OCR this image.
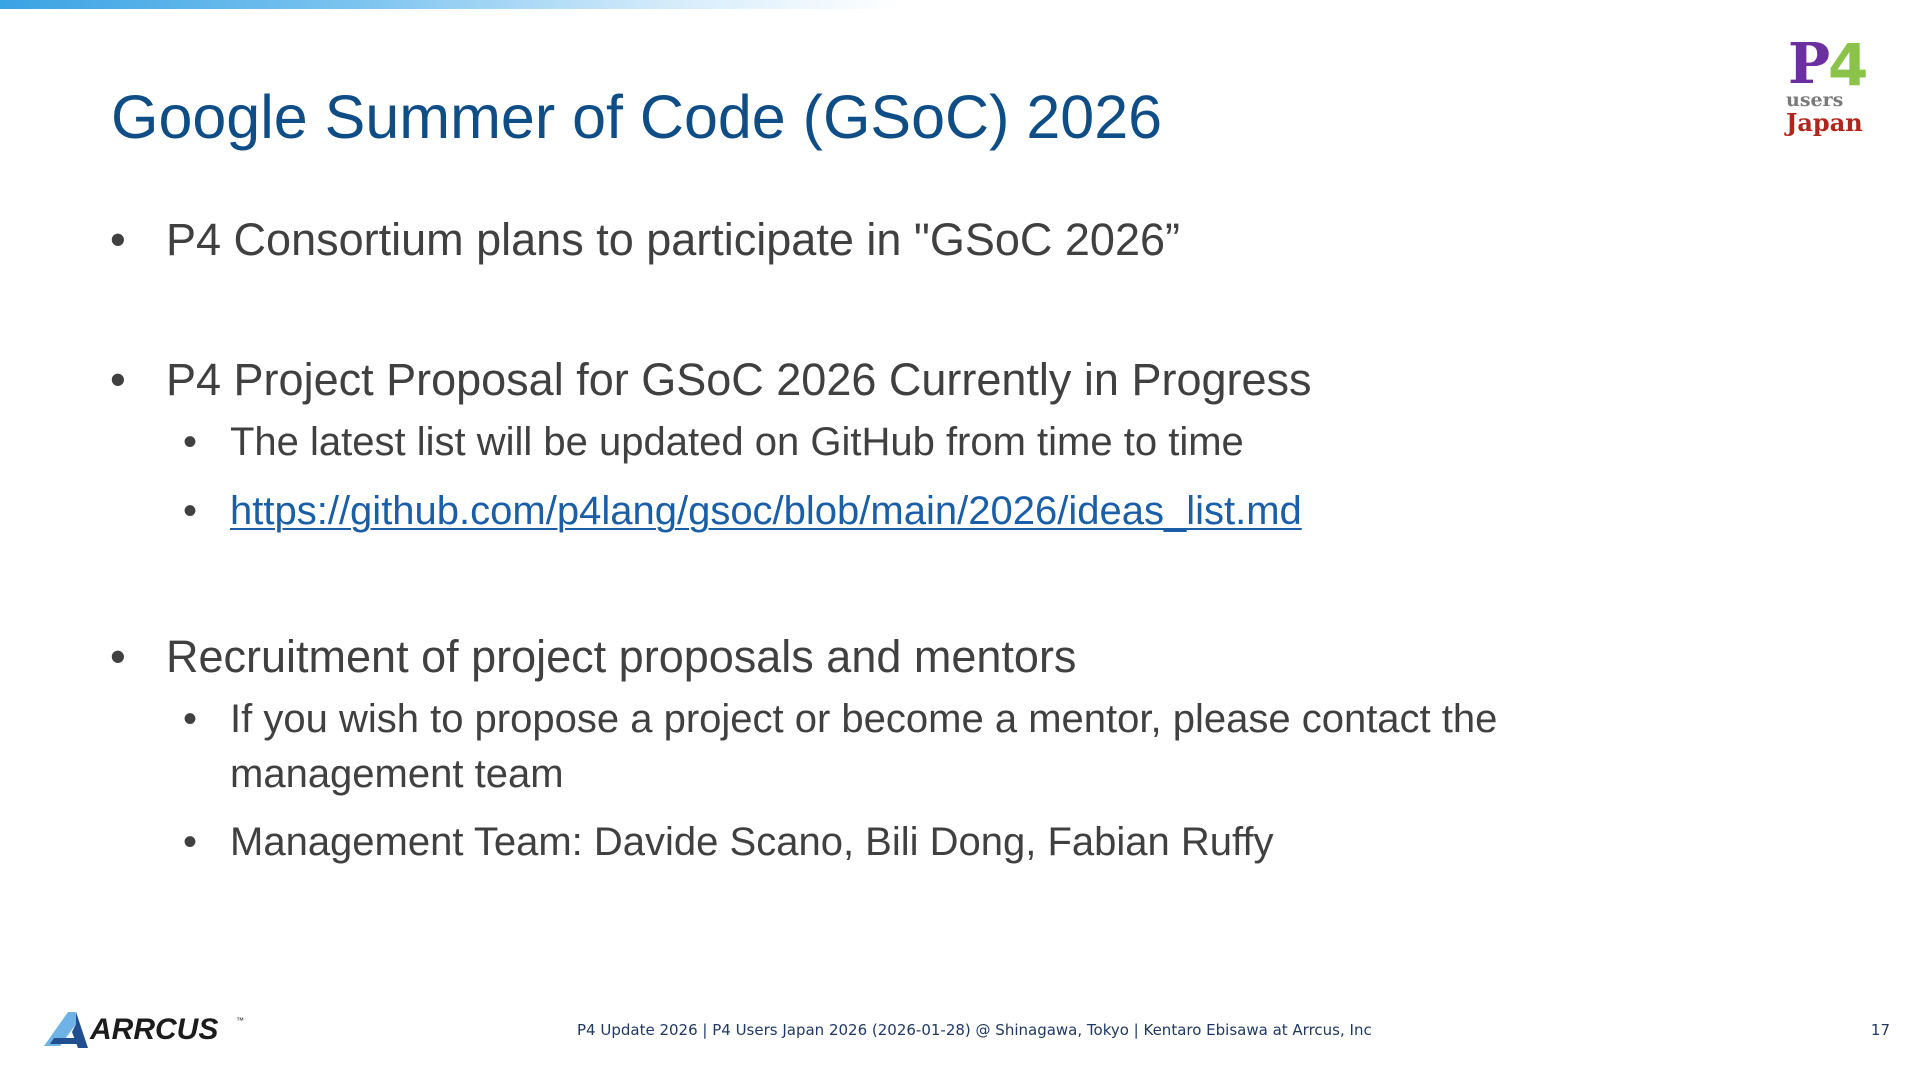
Google Summer of Code (GSoC) 2026
P
4
users
Japan
• P4 Consortium plans to participate in "GSoC 2026”
• P4 Project Proposal for GSoC 2026 Currently in Progress
• The latest list will be updated on GitHub from time to time
• https://github.com/p4lang/gsoc/blob/main/2026/ideas_list.md
• Recruitment of project proposals and mentors
• If you wish to propose a project or become a mentor, please contact the
management team
• Management Team: Davide Scano, Bili Dong, Fabian Ruffy
ARRCUS ™
P4 Update 2026 | P4 Users Japan 2026 (2026-01-28) @ Shinagawa, Tokyo | Kentaro Ebisawa at Arrcus, Inc	17
